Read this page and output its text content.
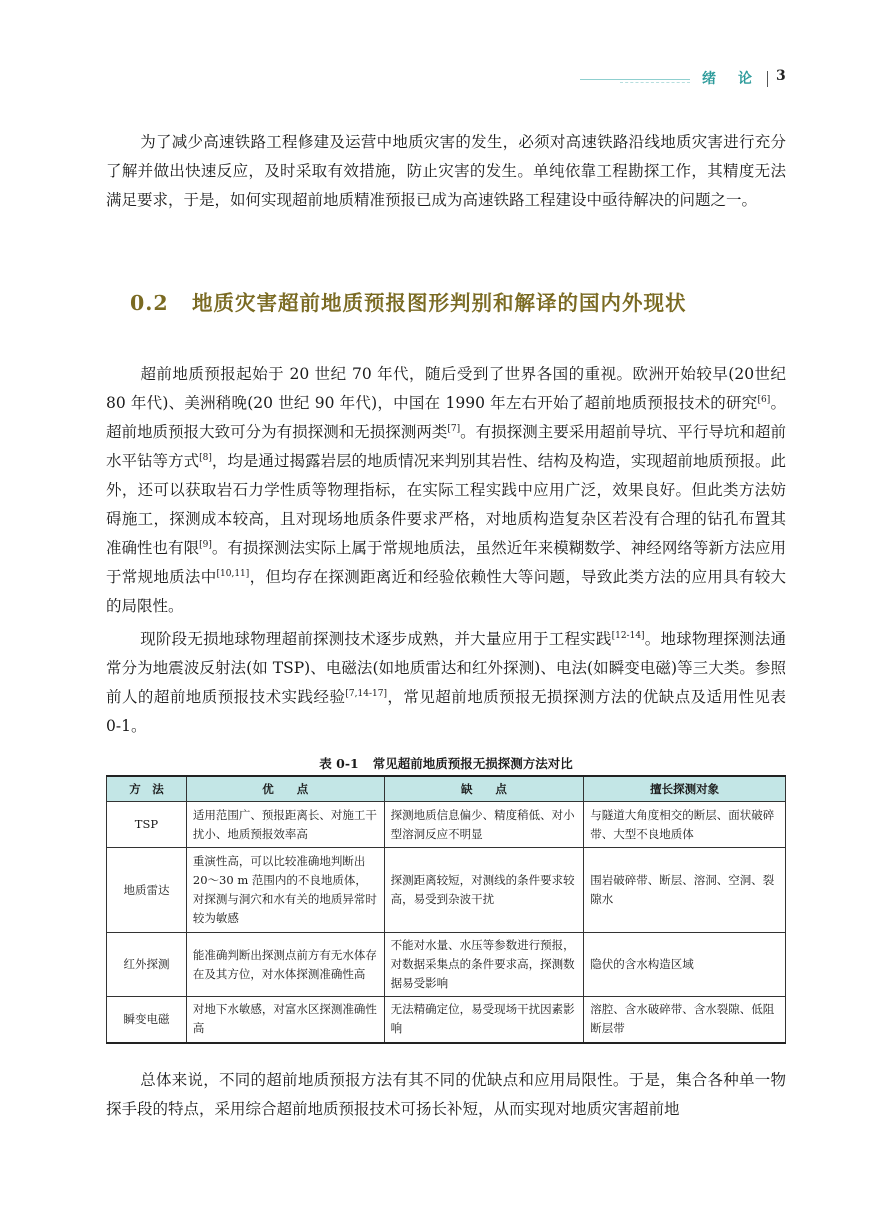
绪论 3

为了减少高速铁路工程修建及运营中地质灾害的发生，必须对高速铁路沿线地质灾害进行充分了解并做出快速反应，及时采取有效措施，防止灾害的发生。单纯依靠工程勘探工作，其精度无法满足要求，于是，如何实现超前地质精准预报已成为高速铁路工程建设中亟待解决的问题之一。

0.2 地质灾害超前地质预报图形判别和解译的国内外现状

超前地质预报起始于 20 世纪 70 年代，随后受到了世界各国的重视。欧洲开始较早(20世纪 80 年代)、美洲稍晚(20 世纪 90 年代)，中国在 1990 年左右开始了超前地质预报技术的研究[6]。超前地质预报大致可分为有损探测和无损探测两类[7]。有损探测主要采用超前导坑、平行导坑和超前水平钻等方式[8]，均是通过揭露岩层的地质情况来判别其岩性、结构及构造，实现超前地质预报。此外，还可以获取岩石力学性质等物理指标，在实际工程实践中应用广泛，效果良好。但此类方法妨碍施工，探测成本较高，且对现场地质条件要求严格，对地质构造复杂区若没有合理的钻孔布置其准确性也有限[9]。有损探测法实际上属于常规地质法，虽然近年来模糊数学、神经网络等新方法应用于常规地质法中[10,11]，但均存在探测距离近和经验依赖性大等问题，导致此类方法的应用具有较大的局限性。

现阶段无损地球物理超前探测技术逐步成熟，并大量应用于工程实践[12-14]。地球物理探测法通常分为地震波反射法(如 TSP)、电磁法(如地质雷达和红外探测)、电法(如瞬变电磁)等三大类。参照前人的超前地质预报技术实践经验[7,14-17]，常见超前地质预报无损探测方法的优缺点及适用性见表 0-1。

表 0-1 常见超前地质预报无损探测方法对比
方　法	优　　点	缺　　点	擅长探测对象
TSP	适用范围广、预报距离长、对施工干扰小、地质预报效率高	探测地质信息偏少、精度稍低、对小型溶洞反应不明显	与隧道大角度相交的断层、面状破碎带、大型不良地质体
地质雷达	重演性高，可以比较准确地判断出 20～30 m 范围内的不良地质体，对探测与洞穴和水有关的地质异常时较为敏感	探测距离较短，对测线的条件要求较高，易受到杂波干扰	围岩破碎带、断层、溶洞、空洞、裂隙水
红外探测	能准确判断出探测点前方有无水体存在及其方位，对水体探测准确性高	不能对水量、水压等参数进行预报，对数据采集点的条件要求高，探测数据易受影响	隐伏的含水构造区域
瞬变电磁	对地下水敏感，对富水区探测准确性高	无法精确定位，易受现场干扰因素影响	溶腔、含水破碎带、含水裂隙、低阻断层带

总体来说，不同的超前地质预报方法有其不同的优缺点和应用局限性。于是，集合各种单一物探手段的特点，采用综合超前地质预报技术可扬长补短，从而实现对地质灾害超前地
